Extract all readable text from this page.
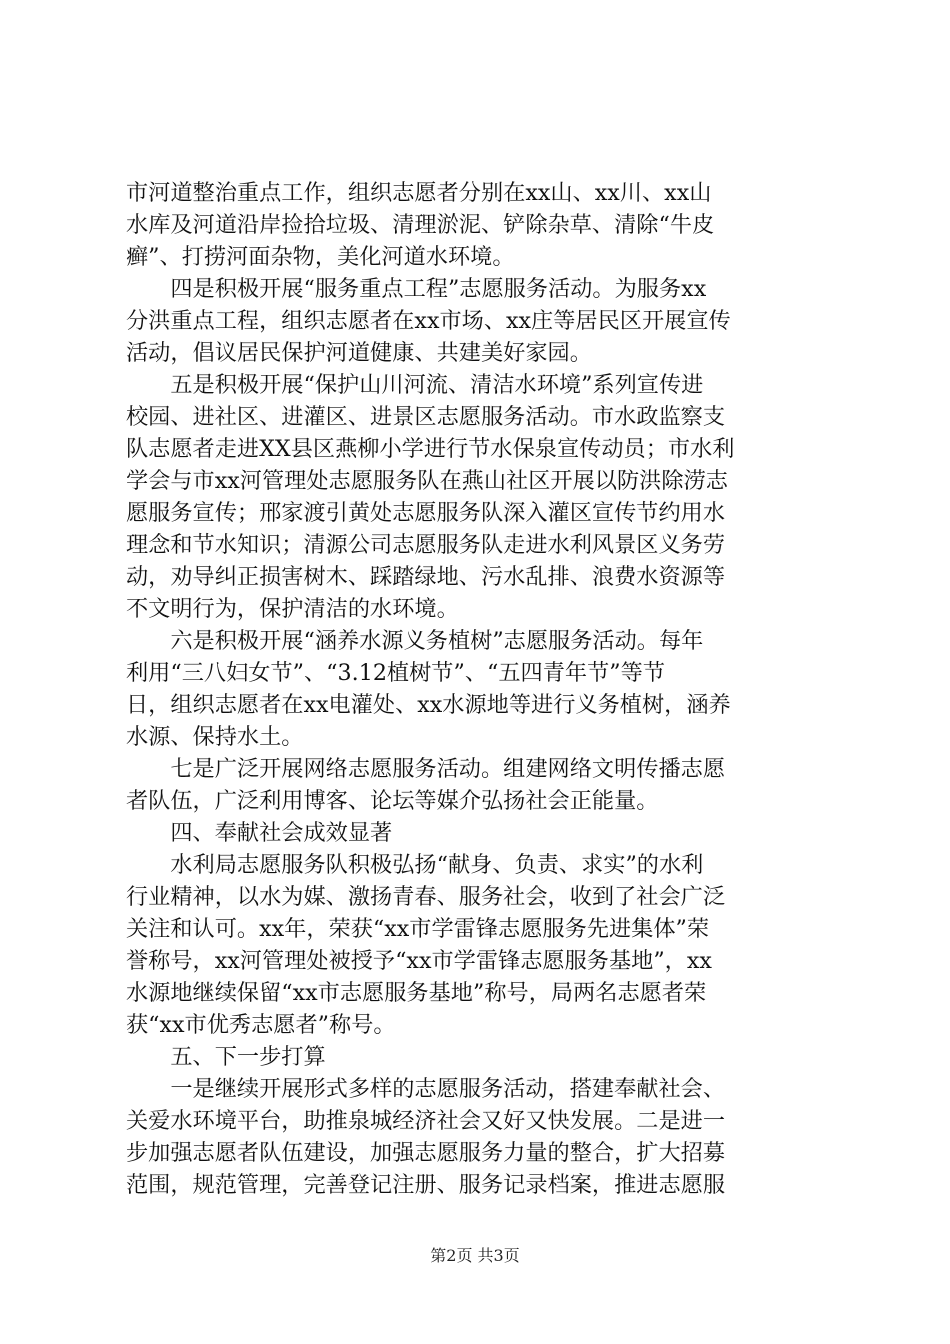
市河道整治重点工作，组织志愿者分别在xx山、xx川、xx山
水库及河道沿岸捡拾垃圾、清理淤泥、铲除杂草、清除“牛皮
癣”、打捞河面杂物，美化河道水环境。
　　四是积极开展“服务重点工程”志愿服务活动。为服务xx
分洪重点工程，组织志愿者在xx市场、xx庄等居民区开展宣传
活动，倡议居民保护河道健康、共建美好家园。
　　五是积极开展“保护山川河流、清洁水环境”系列宣传进
校园、进社区、进灌区、进景区志愿服务活动。市水政监察支
队志愿者走进XX县区燕柳小学进行节水保泉宣传动员；市水利
学会与市xx河管理处志愿服务队在燕山社区开展以防洪除涝志
愿服务宣传；邢家渡引黄处志愿服务队深入灌区宣传节约用水
理念和节水知识；清源公司志愿服务队走进水利风景区义务劳
动，劝导纠正损害树木、踩踏绿地、污水乱排、浪费水资源等
不文明行为，保护清洁的水环境。
　　六是积极开展“涵养水源义务植树”志愿服务活动。每年
利用“三八妇女节”、“3.12植树节”、“五四青年节”等节
日，组织志愿者在xx电灌处、xx水源地等进行义务植树，涵养
水源、保持水土。
　　七是广泛开展网络志愿服务活动。组建网络文明传播志愿
者队伍，广泛利用博客、论坛等媒介弘扬社会正能量。
　　四、奉献社会成效显著
　　水利局志愿服务队积极弘扬“献身、负责、求实”的水利
行业精神，以水为媒、激扬青春、服务社会，收到了社会广泛
关注和认可。xx年，荣获“xx市学雷锋志愿服务先进集体”荣
誉称号，xx河管理处被授予“xx市学雷锋志愿服务基地”，xx
水源地继续保留“xx市志愿服务基地”称号，局两名志愿者荣
获“xx市优秀志愿者”称号。
　　五、下一步打算
　　一是继续开展形式多样的志愿服务活动，搭建奉献社会、
关爱水环境平台，助推泉城经济社会又好又快发展。二是进一
步加强志愿者队伍建设，加强志愿服务力量的整合，扩大招募
范围，规范管理，完善登记注册、服务记录档案，推进志愿服
第2页 共3页
